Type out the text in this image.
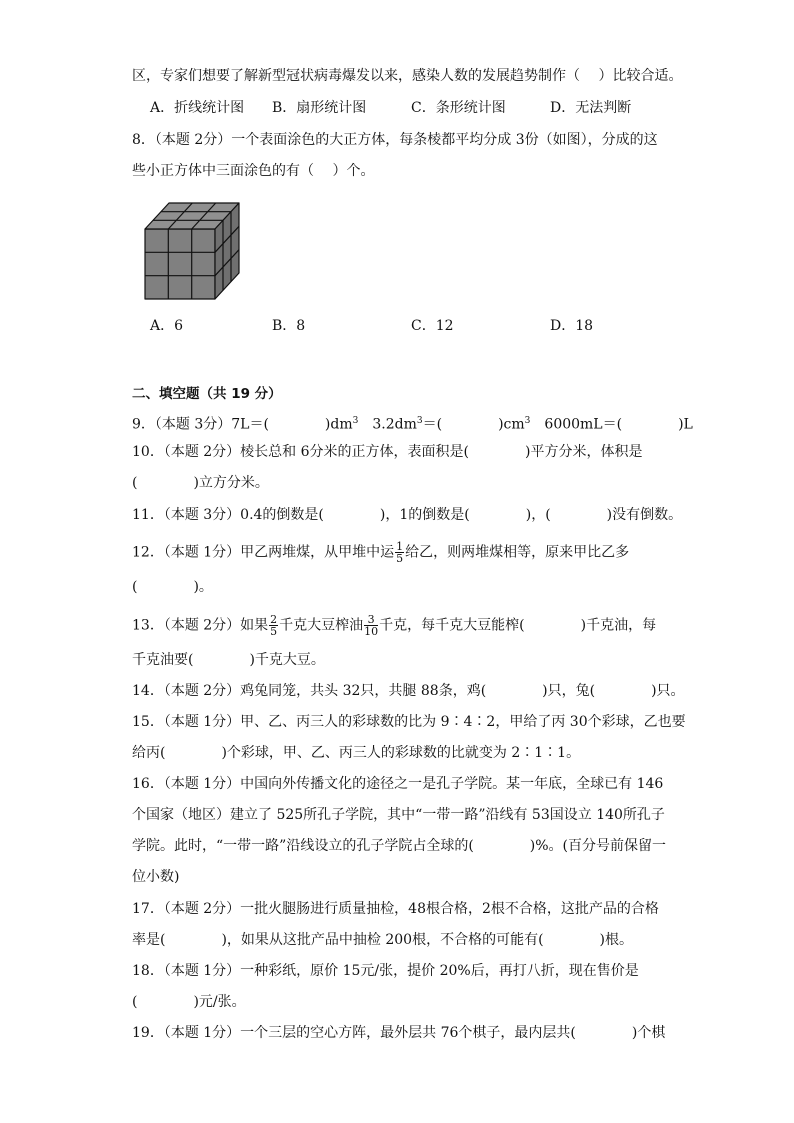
区，专家们想要了解新型冠状病毒爆发以来，感染人数的发展趋势制作（　 ）比较合适。
A．折线统计图 B．扇形统计图	C．条形统计图	D．无法判断
8．（本题 2分）一个表面涂色的大正方体，每条棱都平均分成 3份（如图），分成的这
些小正方体中三面涂色的有（　 ）个。
A．6	B．8	C．12	D．18
二、填空题（共 19 分）
9．（本题 3分）7L＝(　　　　)$dm^3$　$3.2dm^3=$(　　　　)$cm^3$　6000mL＝(　　　　)L
10．（本题 2分）棱长总和 6分米的正方体，表面积是(　　　　)平方分米，体积是
(　　　　)立方分米。
11．（本题 3分）0.4的倒数是(　　　　)，1的倒数是(　　　　)，(　　　　)没有倒数。
12．（本题 1分）甲乙两堆煤，从甲堆中运 $\frac{1}{5}$ 给乙，则两堆煤相等，原来甲比乙多
(　　　　)。
13．（本题 2分）如果 $\frac{2}{5}$ 千克大豆榨油 $\frac{3}{10}$ 千克，每千克大豆能榨(　　　　)千克油，每
千克油要(　　　　)千克大豆。
14．（本题 2分）鸡兔同笼，共头 32只，共腿 88条，鸡(　　　　)只，兔(　　　　)只。
15．（本题 1分）甲、乙、丙三人的彩球数的比为 9∶4∶2，甲给了丙 30个彩球，乙也要
给丙(　　　　)个彩球，甲、乙、丙三人的彩球数的比就变为 2∶1∶1。
16．（本题 1分）中国向外传播文化的途径之一是孔子学院。某一年底，全球已有 146
个国家（地区）建立了 525所孔子学院，其中“一带一路”沿线有 53国设立 140所孔子
学院。此时，“一带一路”沿线设立的孔子学院占全球的(　　　　)%。(百分号前保留一
位小数)
17．（本题 2分）一批火腿肠进行质量抽检，48根合格，2根不合格，这批产品的合格
率是(　　　　)，如果从这批产品中抽检 200根，不合格的可能有(　　　　)根。
18．（本题 1分）一种彩纸，原价 15元/张，提价 20%后，再打八折，现在售价是
(　　　　)元/张。
19．（本题 1分）一个三层的空心方阵，最外层共 76个棋子，最内层共(　　　　)个棋
